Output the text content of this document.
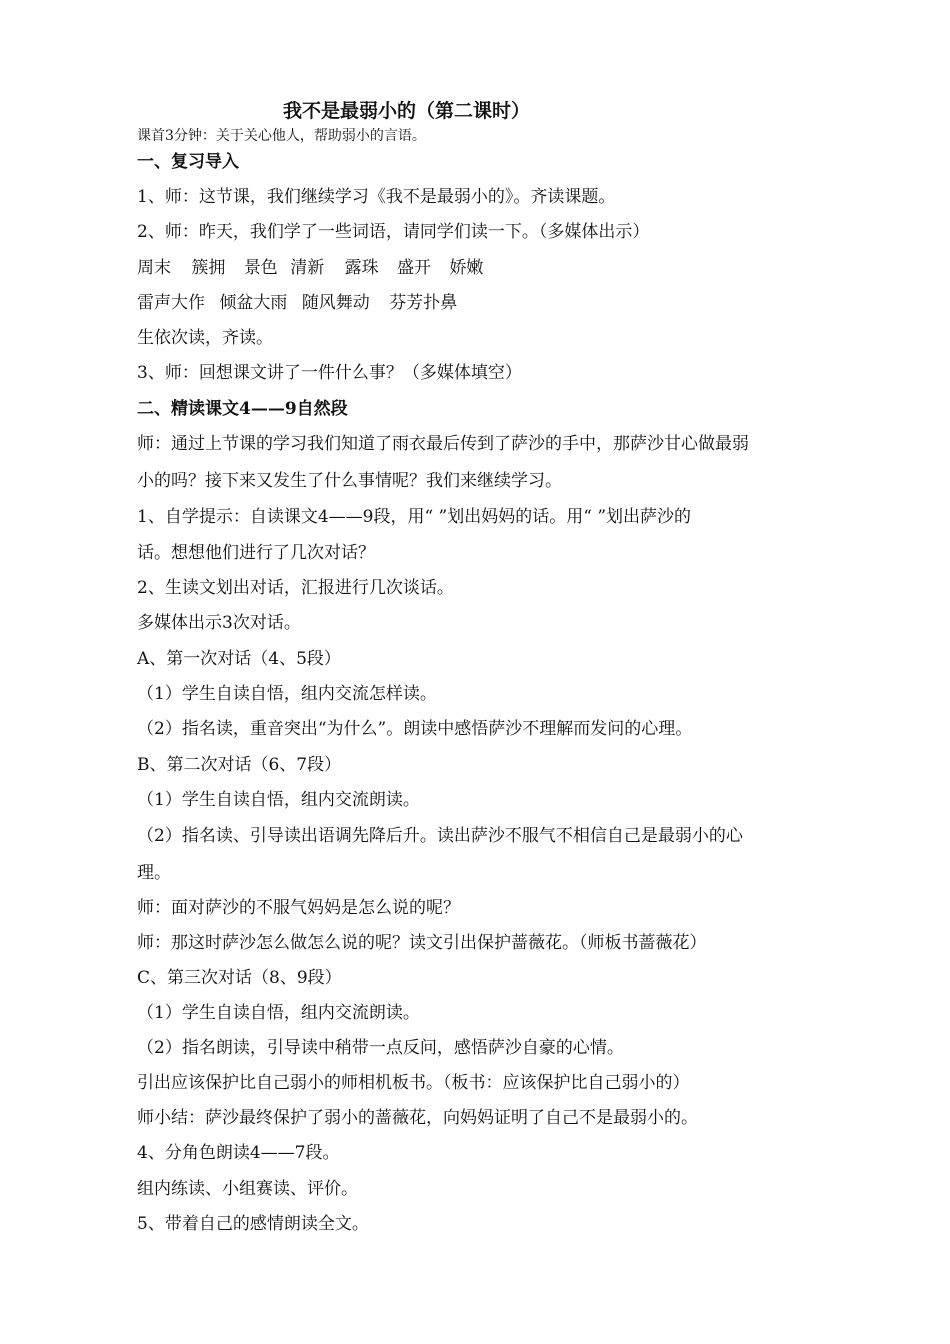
我不是最弱小的（第二课时）
课首3分钟：关于关心他人，帮助弱小的言语。
一、复习导入
1、师：这节课，我们继续学习《我不是最弱小的》。齐读课题。
2、师：昨天，我们学了一些词语，请同学们读一下。（多媒体出示）
周末 簇拥 景色 清新 露珠 盛开 娇嫩
雷声大作 倾盆大雨 随风舞动 芬芳扑鼻
生依次读，齐读。
3、师：回想课文讲了一件什么事？（多媒体填空）
二、精读课文4——9自然段
师：通过上节课的学习我们知道了雨衣最后传到了萨沙的手中，那萨沙甘心做最弱
小的吗？接下来又发生了什么事情呢？我们来继续学习。
1、自学提示：自读课文4——9段，用“ ”划出妈妈的话。用“ ”划出萨沙的
话。想想他们进行了几次对话？
2、生读文划出对话，汇报进行几次谈话。
多媒体出示3次对话。
A、第一次对话（4、5段）
（1）学生自读自悟，组内交流怎样读。
（2）指名读，重音突出“为什么”。朗读中感悟萨沙不理解而发问的心理。
B、第二次对话（6、7段）
（1）学生自读自悟，组内交流朗读。
（2）指名读、引导读出语调先降后升。读出萨沙不服气不相信自己是最弱小的心
理。
师：面对萨沙的不服气妈妈是怎么说的呢？
师：那这时萨沙怎么做怎么说的呢？读文引出保护蔷薇花。（师板书蔷薇花）
C、第三次对话（8、9段）
（1）学生自读自悟，组内交流朗读。
（2）指名朗读，引导读中稍带一点反问，感悟萨沙自豪的心情。
引出应该保护比自己弱小的师相机板书。（板书：应该保护比自己弱小的）
师小结：萨沙最终保护了弱小的蔷薇花，向妈妈证明了自己不是最弱小的。
4、分角色朗读4——7段。
组内练读、小组赛读、评价。
5、带着自己的感情朗读全文。
